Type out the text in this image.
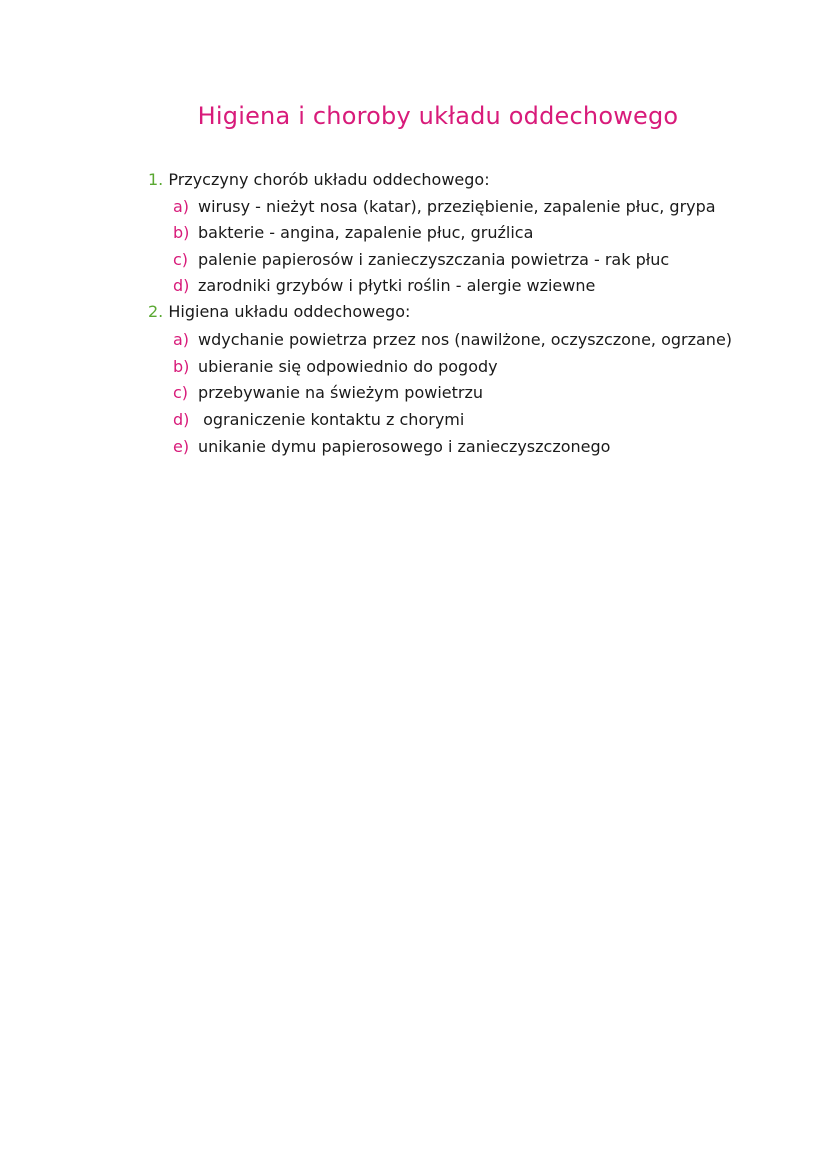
Higiena i choroby układu oddechowego

1. Przyczyny chorób układu oddechowego:

a) wirusy - nieżyt nosa (katar), przeziębienie, zapalenie płuc, grypa

b) bakterie - angina, zapalenie płuc, gruźlica

c) palenie papierosów i zanieczyszczania powietrza - rak płuc

d) zarodniki grzybów i płytki roślin - alergie wziewne

2. Higiena układu oddechowego:

a) wdychanie powietrza przez nos (nawilżone, oczyszczone, ogrzane)

b) ubieranie się odpowiednio do pogody

c) przebywanie na świeżym powietrzu

d) ograniczenie kontaktu z chorymi

e) unikanie dymu papierosowego i zanieczyszczonego
